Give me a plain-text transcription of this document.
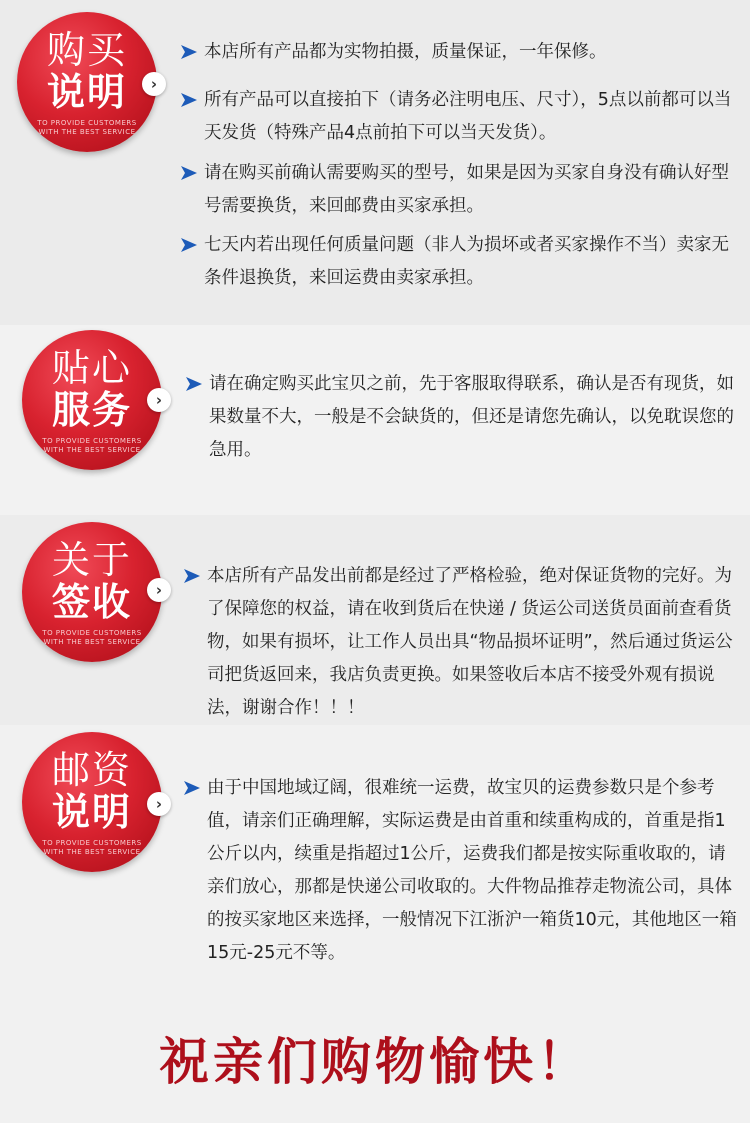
购买
说明
TO PROVIDE CUSTOMERS
WITH THE BEST SERVICE
›
本店所有产品都为实物拍摄，质量保证，一年保修。
所有产品可以直接拍下（请务必注明电压、尺寸），5点以前都可以当天发货（特殊产品4点前拍下可以当天发货）。
请在购买前确认需要购买的型号，如果是因为买家自身没有确认好型号需要换货，来回邮费由买家承担。
七天内若出现任何质量问题（非人为损坏或者买家操作不当）卖家无条件退换货，来回运费由卖家承担。
贴心
服务
TO PROVIDE CUSTOMERS
WITH THE BEST SERVICE
›
请在确定购买此宝贝之前，先于客服取得联系，确认是否有现货，如果数量不大，一般是不会缺货的，但还是请您先确认，以免耽误您的急用。
关于
签收
TO PROVIDE CUSTOMERS
WITH THE BEST SERVICE
›
本店所有产品发出前都是经过了严格检验，绝对保证货物的完好。为了保障您的权益，请在收到货后在快递 / 货运公司送货员面前查看货物，如果有损坏，让工作人员出具“物品损坏证明”，然后通过货运公司把货返回来，我店负责更换。如果签收后本店不接受外观有损说法，谢谢合作！！！
邮资
说明
TO PROVIDE CUSTOMERS
WITH THE BEST SERVICE
›
由于中国地域辽阔，很难统一运费，故宝贝的运费参数只是个参考值，请亲们正确理解，实际运费是由首重和续重构成的，首重是指1公斤以内，续重是指超过1公斤，运费我们都是按实际重收取的，请亲们放心，那都是快递公司收取的。大件物品推荐走物流公司，具体的按买家地区来选择，一般情况下江浙沪一箱货10元，其他地区一箱15元-25元不等。
祝亲们购物愉快！
